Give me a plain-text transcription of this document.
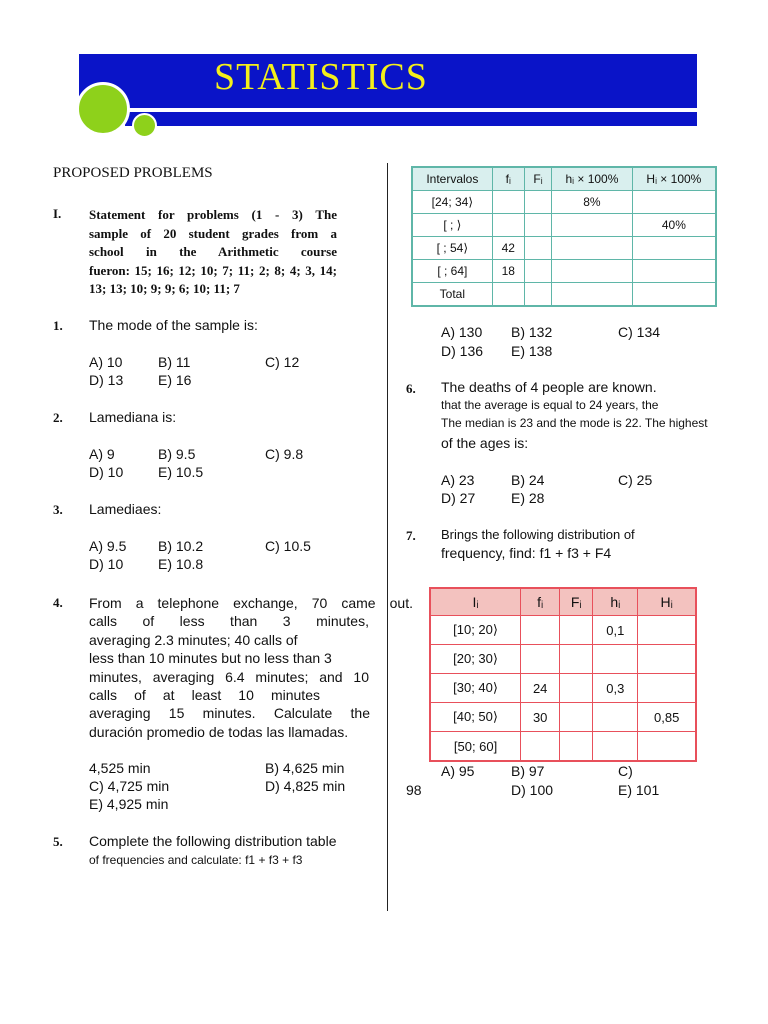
STATISTICS
PROPOSED PROBLEMS
I. Statement for problems (1 - 3) The
sample of 20 student grades from a
school in the Arithmetic course
fueron: 15; 16; 12; 10; 7; 11; 2; 8; 4; 3, 14;
13; 13; 10; 9; 9; 6; 10; 11; 7
1. The mode of the sample is:
A) 10	B) 11	C) 12
D) 13 E) 16
2. Lamediana is:
A) 9	B) 9.5	C) 9.8
D) 10 E) 10.5
3. Lamediaes:
A) 9.5 B) 10.2	C) 10.5
D) 10 E) 10.8
4. From a telephone exchange, 70 came out.
calls of less than 3 minutes,
averaging 2.3 minutes; 40 calls of
less than 10 minutes but no less than 3
minutes, averaging 6.4 minutes; and 10
calls of at least 10 minutes
averaging 15 minutes. Calculate the
duración promedio de todas las llamadas.
4,525 min	B) 4,625 min
C) 4,725 min	D) 4,825 min
E) 4,925 min
5. Complete the following distribution table
of frequencies and calculate: f1 + f3 + f3
Intervalos	fᵢ	Fᵢ	hᵢ × 100%	Hᵢ × 100%
[24; 34⟩			8%	
[ ; ⟩				40%
[ ; 54⟩	42			
[ ; 64]	18			
Total				
A) 130 B) 132	C) 134
D) 136 E) 138
6. The deaths of 4 people are known.
that the average is equal to 24 years, the
The median is 23 and the mode is 22. The highest
of the ages is:
A) 23	B) 24	C) 25
D) 27	E) 28
7. Brings the following distribution of
frequency, find: f1 + f3 + F4
Iᵢ	fᵢ	Fᵢ	hᵢ	Hᵢ
[10; 20⟩			0,1	
[20; 30⟩				
[30; 40⟩	24		0,3	
[40; 50⟩	30			0,85
[50; 60]				
A) 95	B) 97	C)
98	D) 100	E) 101
